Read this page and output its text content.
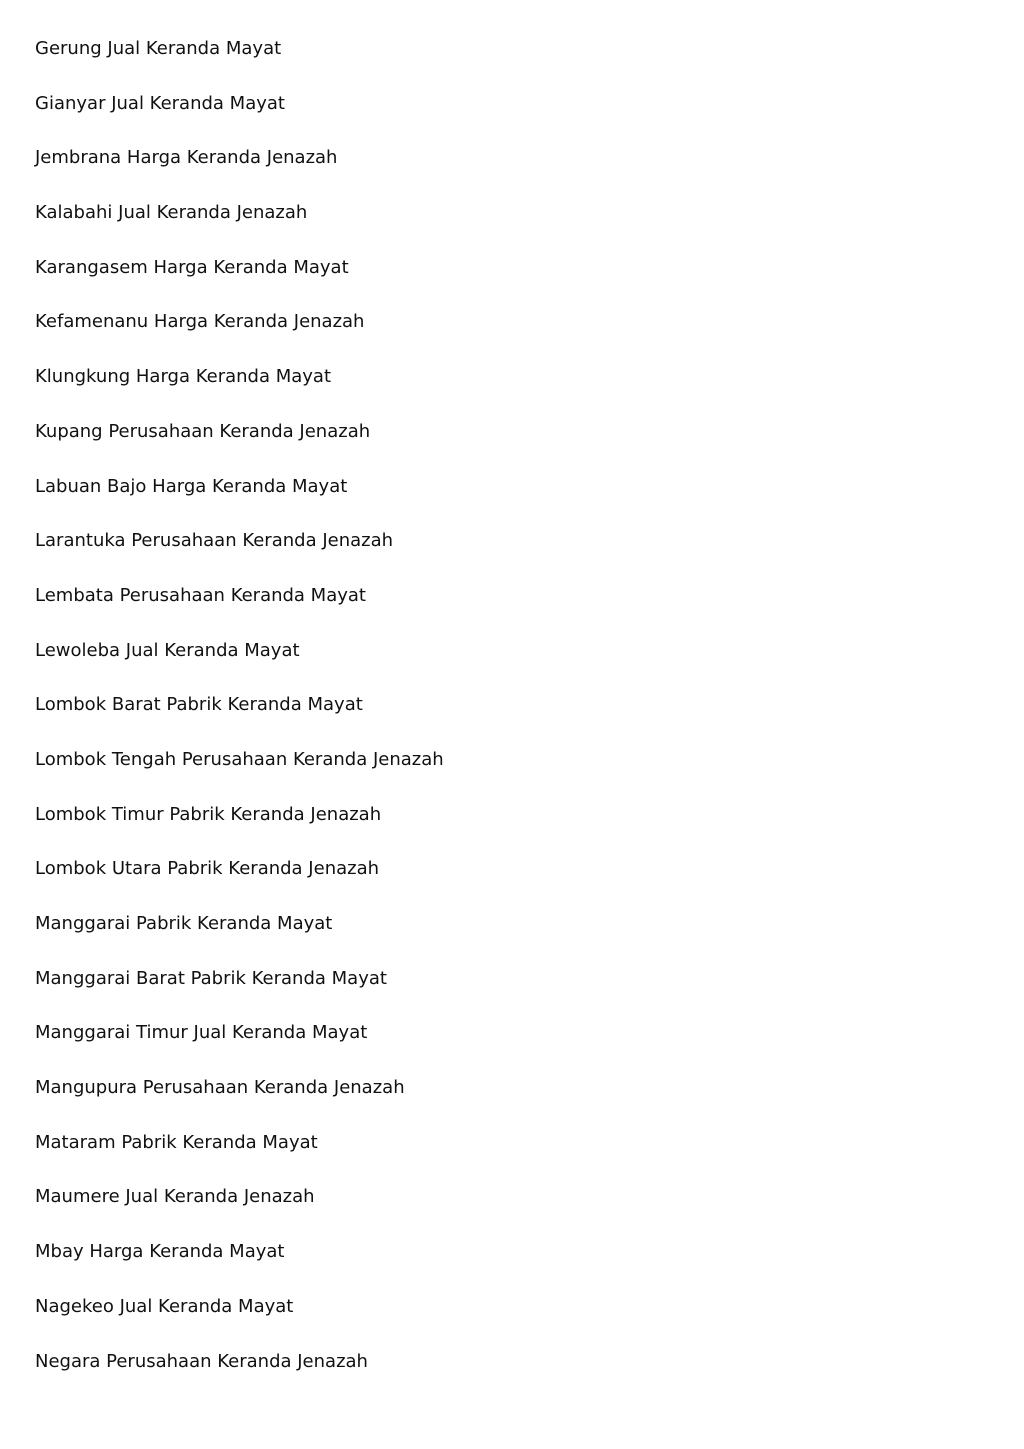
Gerung Jual Keranda Mayat
Gianyar Jual Keranda Mayat
Jembrana Harga Keranda Jenazah
Kalabahi Jual Keranda Jenazah
Karangasem Harga Keranda Mayat
Kefamenanu Harga Keranda Jenazah
Klungkung Harga Keranda Mayat
Kupang Perusahaan Keranda Jenazah
Labuan Bajo Harga Keranda Mayat
Larantuka Perusahaan Keranda Jenazah
Lembata Perusahaan Keranda Mayat
Lewoleba Jual Keranda Mayat
Lombok Barat Pabrik Keranda Mayat
Lombok Tengah Perusahaan Keranda Jenazah
Lombok Timur Pabrik Keranda Jenazah
Lombok Utara Pabrik Keranda Jenazah
Manggarai Pabrik Keranda Mayat
Manggarai Barat Pabrik Keranda Mayat
Manggarai Timur Jual Keranda Mayat
Mangupura Perusahaan Keranda Jenazah
Mataram Pabrik Keranda Mayat
Maumere Jual Keranda Jenazah
Mbay Harga Keranda Mayat
Nagekeo Jual Keranda Mayat
Negara Perusahaan Keranda Jenazah
